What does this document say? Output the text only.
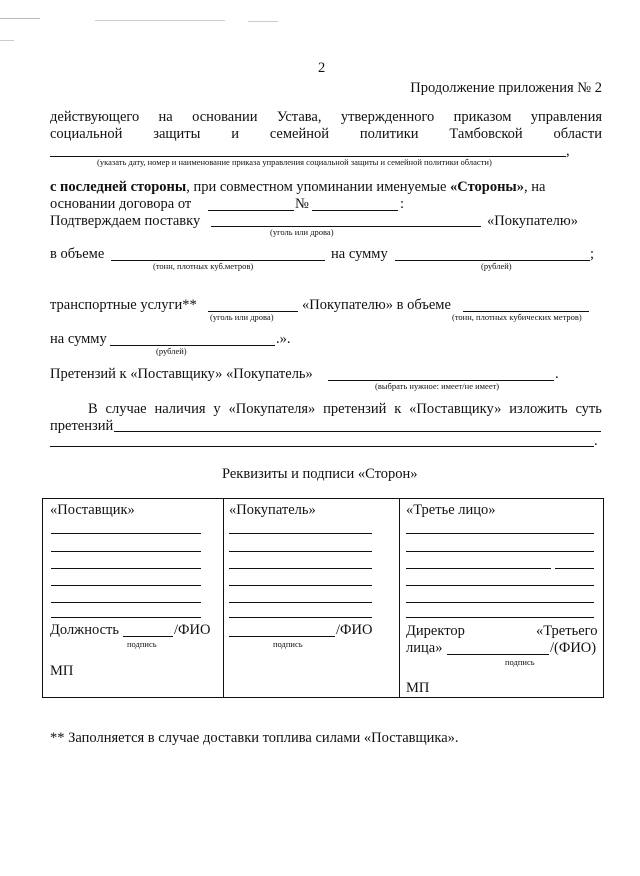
2
Продолжение приложения № 2
действующего на основании Устава, утвержденного приказом управления
социальной защиты и семейной политики Тамбовской области
,
(указать дату, номер и наименование приказа управления социальной защиты и семейной политики области)
с последней стороны, при совместном упоминании именуемые «Стороны», на
основании договора от	№	:
Подтверждаем поставку	«Покупателю»
(уголь или дрова)
в объеме
(тонн, плотных куб.метров)
на сумму
(рублей)
;
транспортные услуги**
(уголь или дрова)
«Покупателю» в объеме
(тонн, плотных кубических метров)
на сумму	.».
(рублей)
Претензий к «Поставщику» «Покупатель»	.
(выбрать нужное: имеет/не имеет)
В случае наличия у «Покупателя» претензий к «Поставщику» изложить суть
претензий
.
Реквизиты и подписи «Сторон»
«Поставщик»
Должность	/ФИО
подпись
МП
«Покупатель»
/ФИО
подпись
«Третье лицо»
Директор	«Третьего
лица»	/(ФИО)
подпись
МП
** Заполняется в случае доставки топлива силами «Поставщика».
